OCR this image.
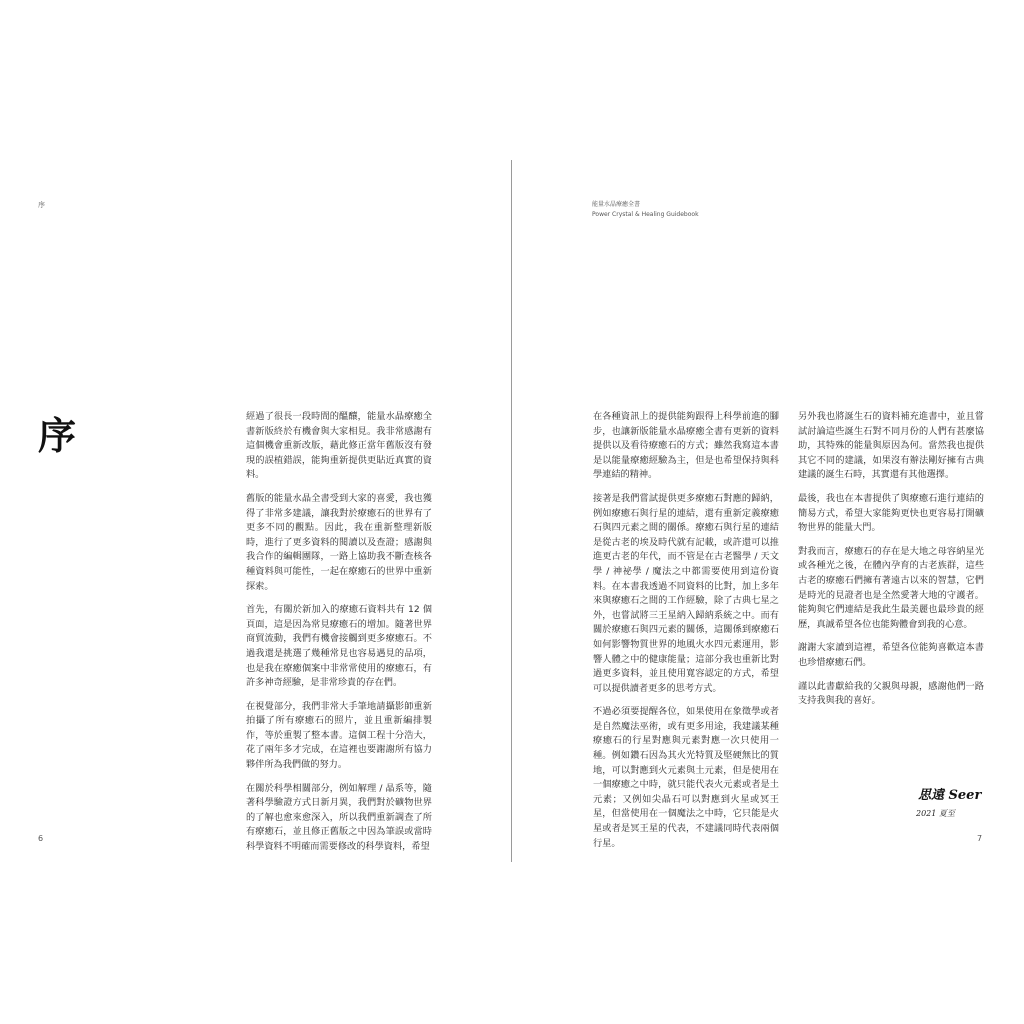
序
序	經過了很長一段時間的醞釀，能量水晶療癒全書新版終於有機會與大家相見。我非常感謝有這個機會重新改版，藉此修正當年舊版沒有發現的誤植錯誤，能夠重新提供更貼近真實的資料。

舊版的能量水晶全書受到大家的喜愛，我也獲得了非常多建議，讓我對於療癒石的世界有了更多不同的觀點。因此，我在重新整理新版時，進行了更多資料的閱讀以及查證；感謝與我合作的編輯團隊，一路上協助我不斷查核各種資料與可能性，一起在療癒石的世界中重新探索。

首先，有關於新加入的療癒石資料共有 12 個頁面，這是因為常見療癒石的增加。隨著世界商貿流動，我們有機會接觸到更多療癒石。不過我還是挑選了幾種常見也容易遇見的品項，也是我在療癒個案中非常常使用的療癒石，有許多神奇經驗，是非常珍貴的存在們。

在視覺部分，我們非常大手筆地請攝影師重新拍攝了所有療癒石的照片，並且重新編排製作，等於重製了整本書。這個工程十分浩大，花了兩年多才完成，在這裡也要謝謝所有協力夥伴所為我們做的努力。

在關於科學相關部分，例如解理 / 晶系等，隨著科學驗證方式日新月異，我們對於礦物世界的了解也愈來愈深入，所以我們重新調查了所有療癒石，並且修正舊版之中因為筆誤或當時科學資料不明確而需要修改的科學資料，希望

6
能量水晶療癒全書
Power Crystal & Healing Guidebook

在各種資訊上的提供能夠跟得上科學前進的腳步，也讓新版能量水晶療癒全書有更新的資料提供以及看待療癒石的方式；雖然我寫這本書是以能量療癒經驗為主，但是也希望保持與科學連結的精神。

接著是我們嘗試提供更多療癒石對應的歸納，例如療癒石與行星的連結，還有重新定義療癒石與四元素之間的關係。療癒石與行星的連結是從古老的埃及時代就有記載，或許還可以推進更古老的年代，而不管是在古老醫學 / 天文學 / 神祕學 / 魔法之中都需要使用到這份資料。在本書我透過不同資料的比對，加上多年來與療癒石之間的工作經驗，除了古典七星之外，也嘗試將三王星納入歸納系統之中。而有關於療癒石與四元素的關係，這關係到療癒石如何影響物質世界的地風火水四元素運用，影響人體之中的健康能量；這部分我也重新比對過更多資料，並且使用寬容認定的方式，希望可以提供讀者更多的思考方式。

不過必須要提醒各位，如果使用在象徵學或者是自然魔法巫術，或有更多用途，我建議某種療癒石的行星對應與元素對應一次只使用一種。例如鑽石因為其火光特質及堅硬無比的質地，可以對應到火元素與土元素，但是使用在一個療癒之中時，就只能代表火元素或者是土元素；又例如尖晶石可以對應到火星或冥王星，但當使用在一個魔法之中時，它只能是火星或者是冥王星的代表，不建議同時代表兩個行星。

另外我也將誕生石的資料補充進書中，並且嘗試討論這些誕生石對不同月份的人們有甚麼協助，其特殊的能量與原因為何。當然我也提供其它不同的建議，如果沒有辦法剛好擁有古典建議的誕生石時，其實還有其他選擇。

最後，我也在本書提供了與療癒石進行連結的簡易方式，希望大家能夠更快也更容易打開礦物世界的能量大門。

對我而言，療癒石的存在是大地之母容納星光或各種光之後，在體內孕育的古老族群，這些古老的療癒石們擁有著遠古以來的智慧，它們是時光的見證者也是全然愛著大地的守護者。能夠與它們連結是我此生最美麗也最珍貴的經歷，真誠希望各位也能夠體會到我的心意。

謝謝大家讀到這裡，希望各位能夠喜歡這本書也珍惜療癒石們。

謹以此書獻給我的父親與母親，感謝他們一路支持我與我的喜好。

思遠 Seer
2021 夏至
7
